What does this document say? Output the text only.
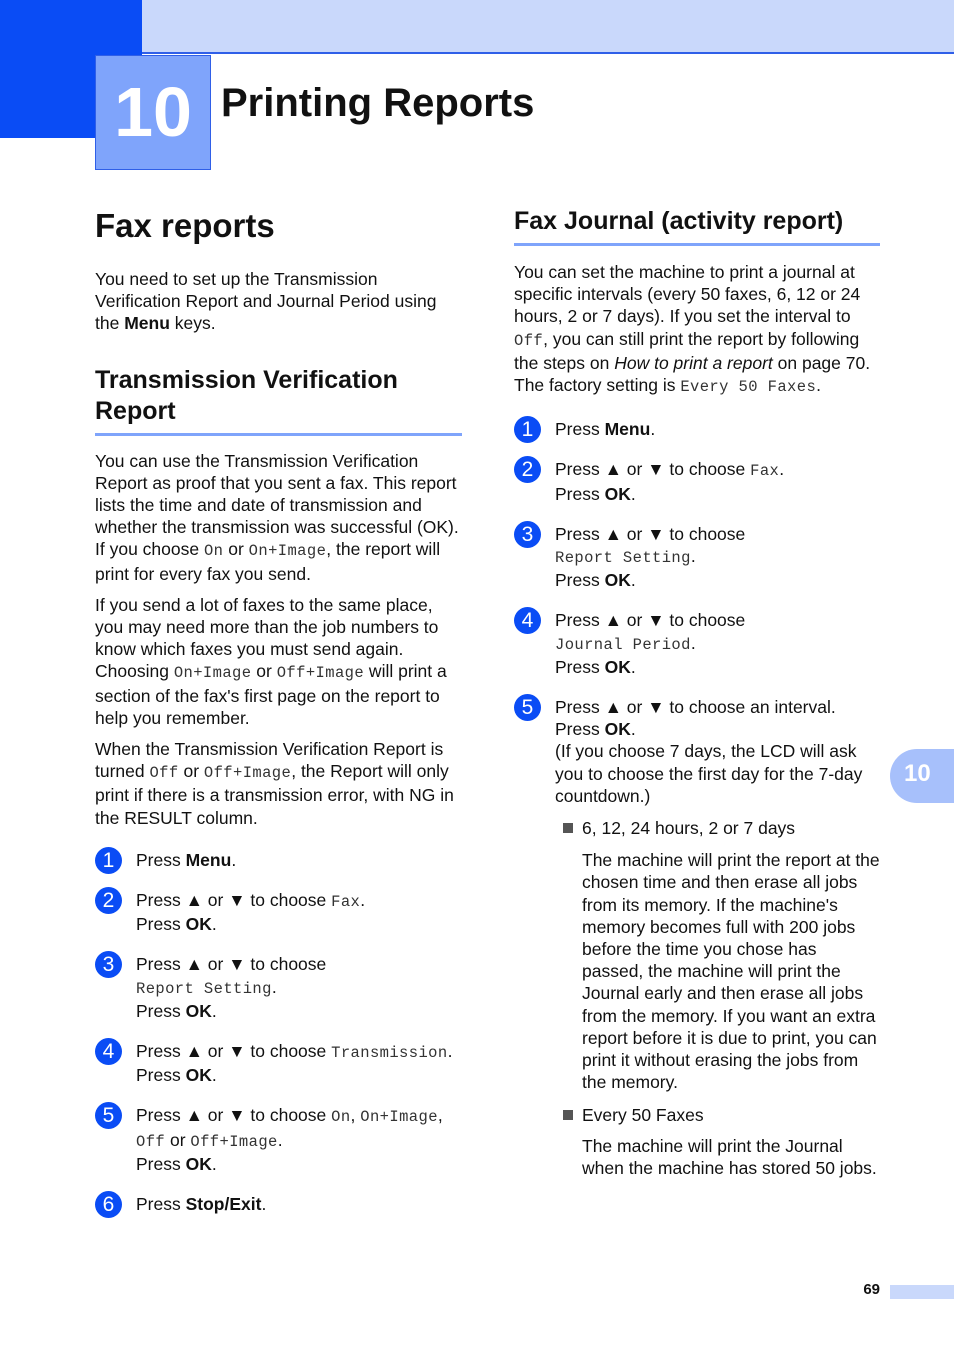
10 Printing Reports
10
Fax reports

You need to set up the Transmission Verification Report and Journal Period using the Menu keys.

Transmission Verification Report

You can use the Transmission Verification Report as proof that you sent a fax. This report lists the time and date of transmission and whether the transmission was successful (OK). If you choose On or On+Image, the report will print for every fax you send.

If you send a lot of faxes to the same place, you may need more than the job numbers to know which faxes you must send again. Choosing On+Image or Off+Image will print a section of the fax's first page on the report to help you remember.

When the Transmission Verification Report is turned Off or Off+Image, the Report will only print if there is a transmission error, with NG in the RESULT column.

1	Press Menu.

2	Press ▲ or ▼ to choose Fax.
Press OK.

3	Press ▲ or ▼ to choose
Report Setting.
Press OK.

4	Press ▲ or ▼ to choose Transmission.
Press OK.

5	Press ▲ or ▼ to choose On, On+Image,
Off or Off+Image.
Press OK.

6	Press Stop/Exit.

Fax Journal (activity report)

You can set the machine to print a journal at specific intervals (every 50 faxes, 6, 12 or 24 hours, 2 or 7 days). If you set the interval to Off, you can still print the report by following the steps on How to print a report on page 70. The factory setting is Every 50 Faxes.

1	Press Menu.

2	Press ▲ or ▼ to choose Fax.
Press OK.

3	Press ▲ or ▼ to choose
Report Setting.
Press OK.

4	Press ▲ or ▼ to choose
Journal Period.
Press OK.

5	Press ▲ or ▼ to choose an interval.
Press OK.
(If you choose 7 days, the LCD will ask you to choose the first day for the 7-day countdown.)

6, 12, 24 hours, 2 or 7 days

The machine will print the report at the chosen time and then erase all jobs from its memory. If the machine's memory becomes full with 200 jobs before the time you chose has passed, the machine will print the Journal early and then erase all jobs from the memory. If you want an extra report before it is due to print, you can print it without erasing the jobs from the memory.

Every 50 Faxes

The machine will print the Journal when the machine has stored 50 jobs.

69
